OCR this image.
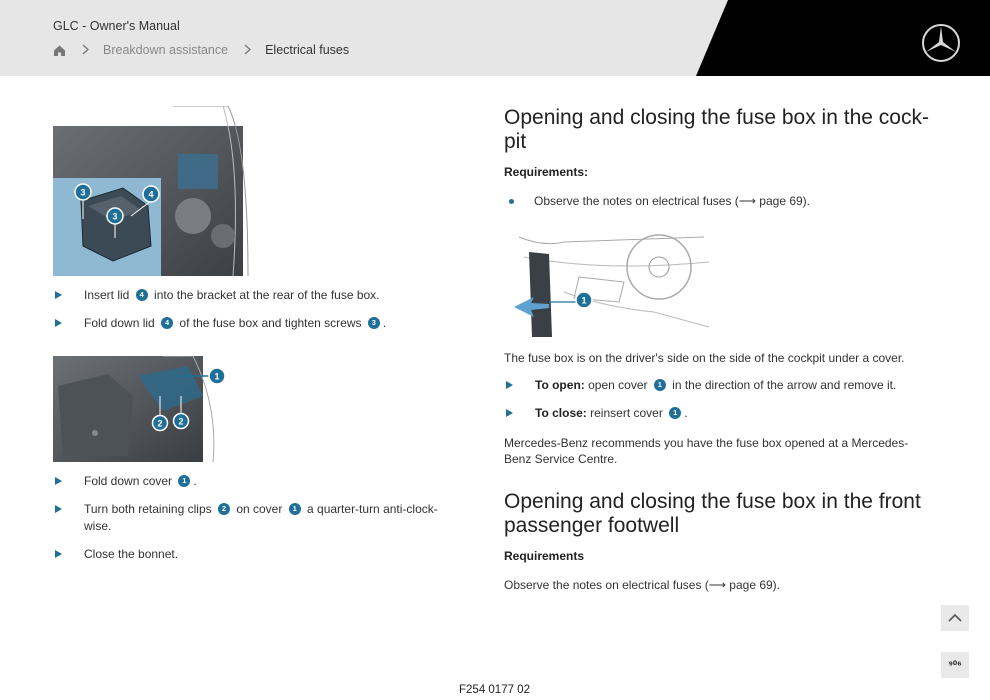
GLC - Owner's Manual
Breakdown assistance	Electrical fuses
3	4
3
Insert lid 4 into the bracket at the rear of the fuse box.
Fold down lid 4 of the fuse box and tighten screws 3 .
1
2 2
Fold down cover 1 .
Turn both retaining clips 2 on cover 1 a quarter-turn anti-clock-
wise.
Close the bonnet.
Opening and closing the fuse box in the cock-
pit
Requirements:
Observe the notes on electrical fuses (⟶ page 69).
1
The fuse box is on the driver's side on the side of the cockpit under a cover.
To open: open cover 1 in the direction of the arrow and remove it.
To close: reinsert cover 1 .
Mercedes-Benz recommends you have the fuse box opened at a Mercedes-
Benz Service Centre.
Opening and closing the fuse box in the front
passenger footwell
Requirements
Observe the notes on electrical fuses (⟶ page 69).
F254 0177 02
⁹⁰⁶
